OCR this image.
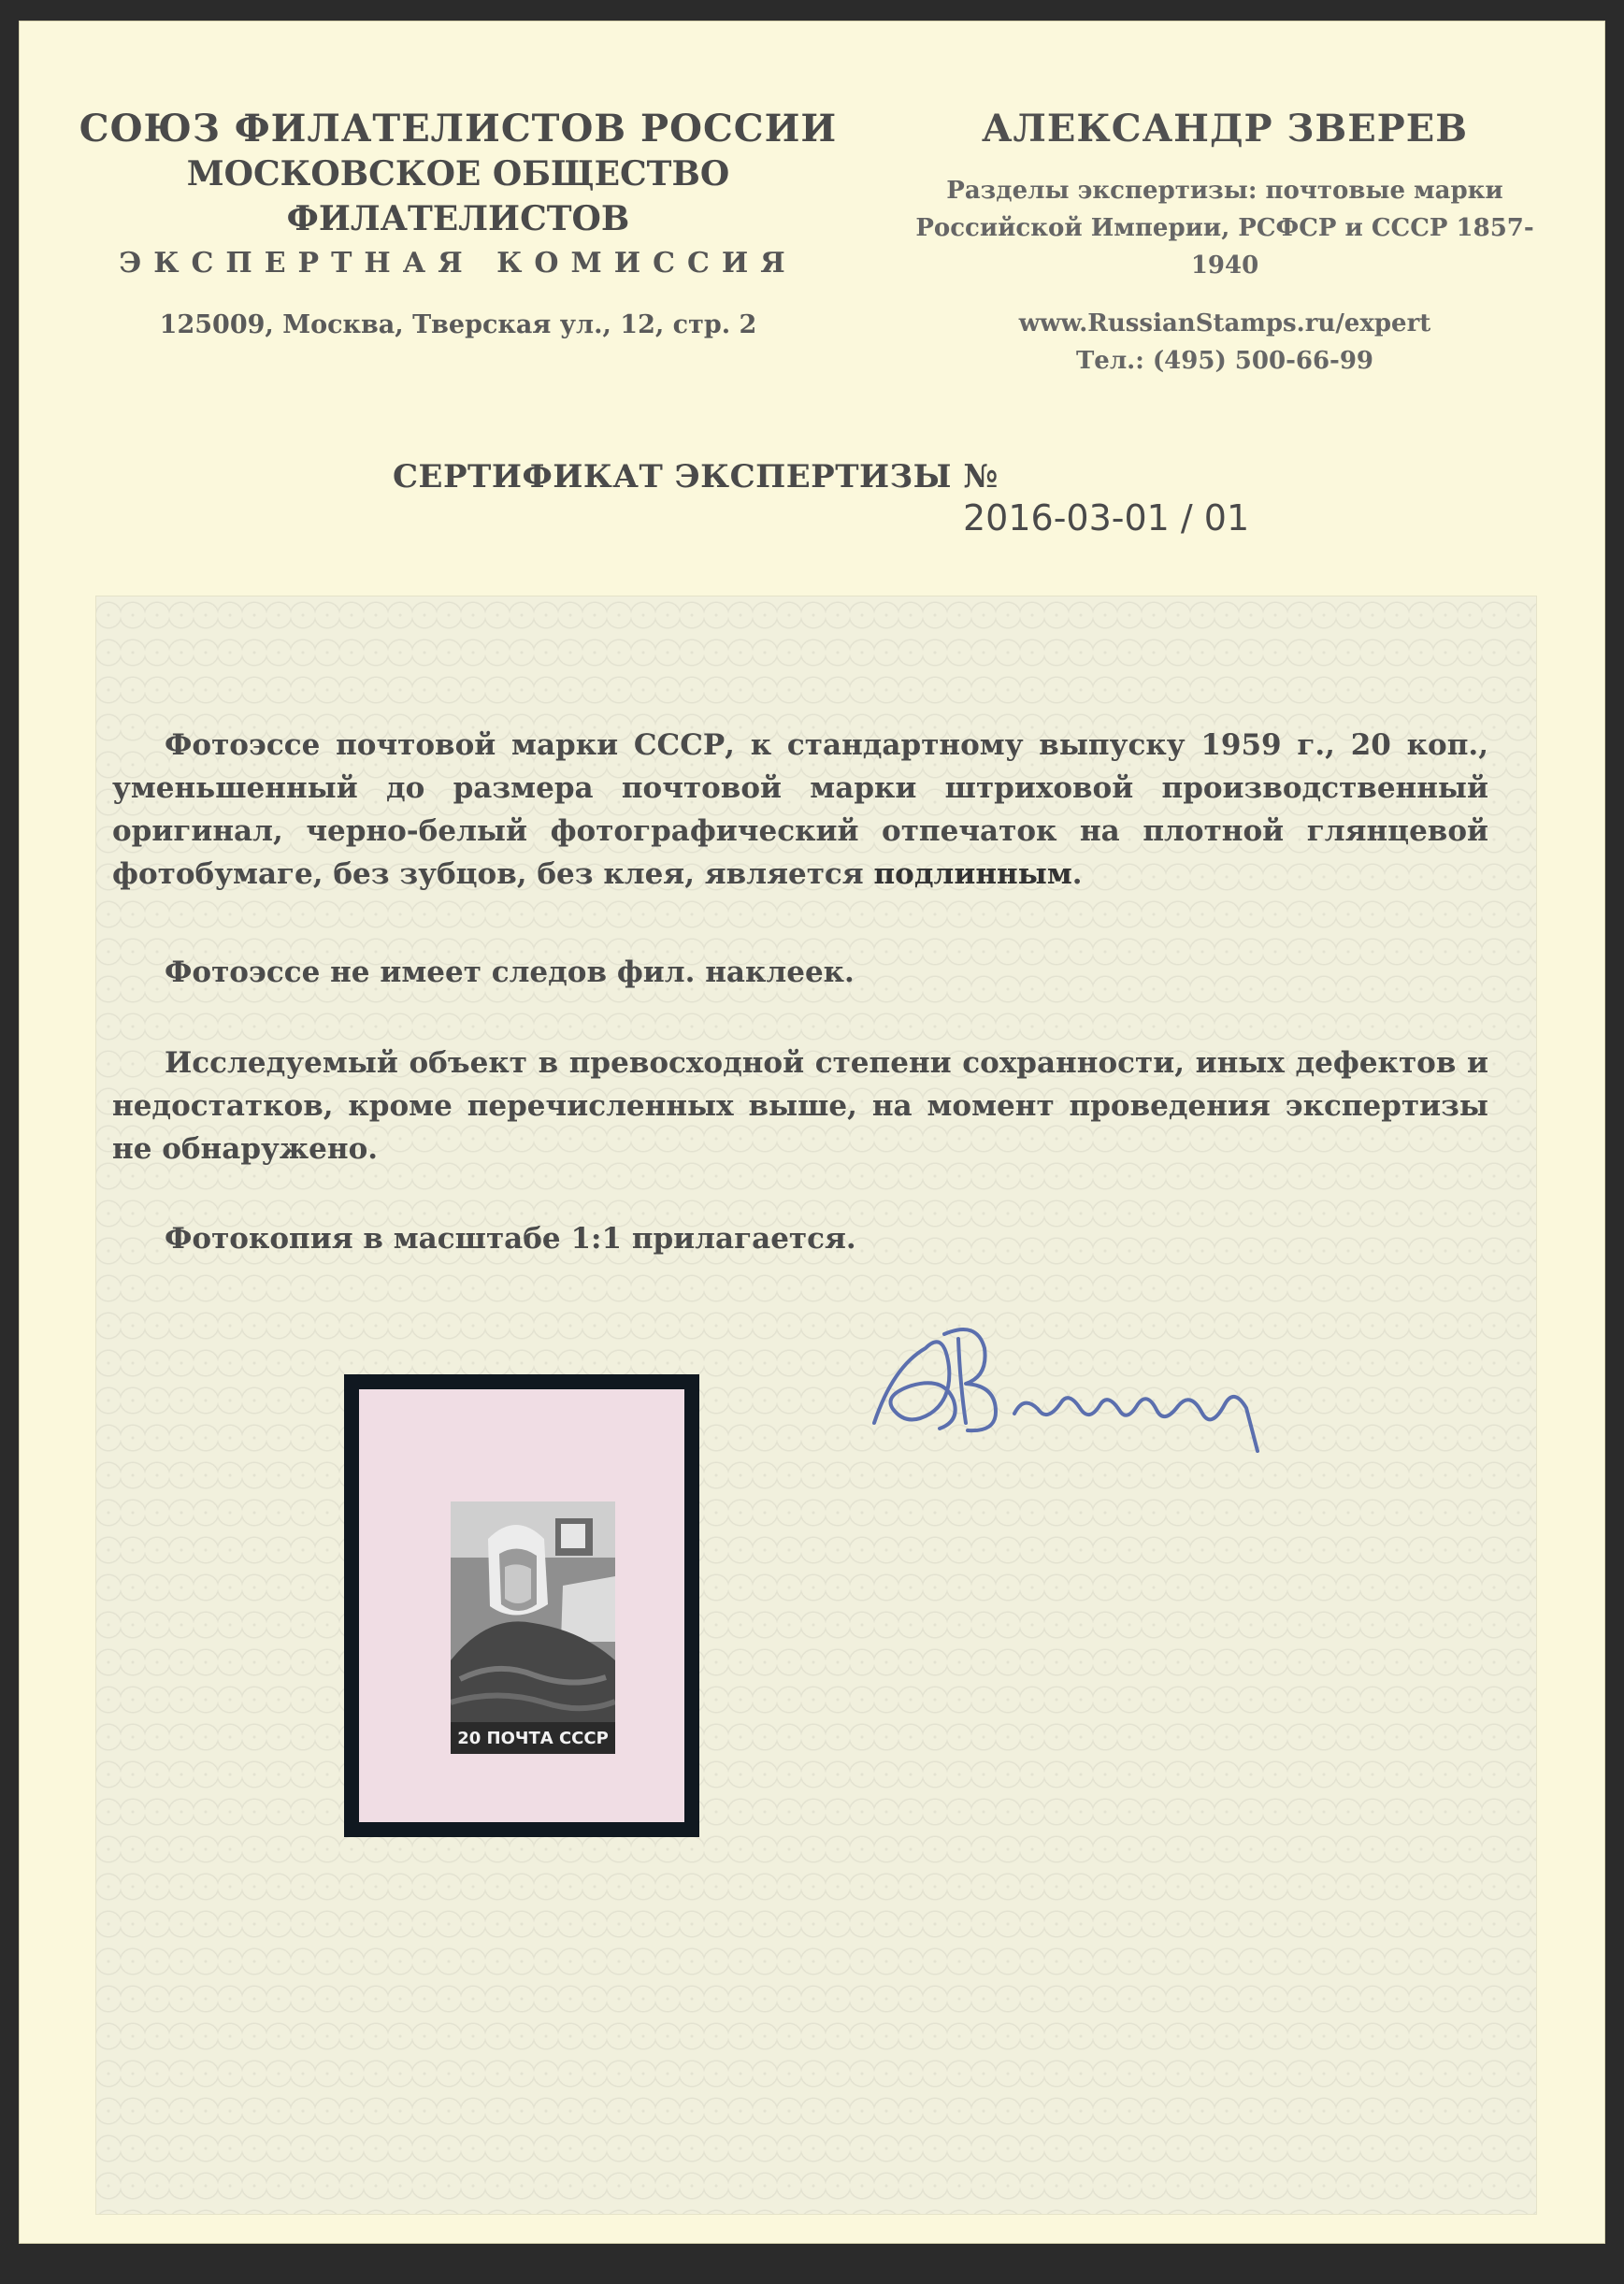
СОЮЗ ФИЛАТЕЛИСТОВ РОССИИ
МОСКОВСКОЕ ОБЩЕСТВО ФИЛАТЕЛИСТОВ
ЭКСПЕРТНАЯ КОМИССИЯ
125009, Москва, Тверская ул., 12, стр. 2
АЛЕКСАНДР ЗВЕРЕВ
Разделы экспертизы: почтовые марки
Российской Империи, РСФСР и СССР 1857-1940
www.RussianStamps.ru/expert
Тел.: (495) 500-66-99
СЕРТИФИКАТ ЭКСПЕРТИЗЫ №
2016-03-01 / 01
Фотоэссе почтовой марки СССР, к стандартному выпуску 1959 г., 20 коп., уменьшенный до размера почтовой марки штриховой производственный оригинал, черно-белый фотографический отпечаток на плотной глянцевой фотобумаге, без зубцов, без клея, является подлинным.
Фотоэссе не имеет следов фил. наклеек.
Исследуемый объект в превосходной степени сохранности, иных дефектов и недостатков, кроме перечисленных выше, на момент проведения экспертизы не обнаружено.
Фотокопия в масштабе 1:1 прилагается.
20 ПОЧТА СССР
